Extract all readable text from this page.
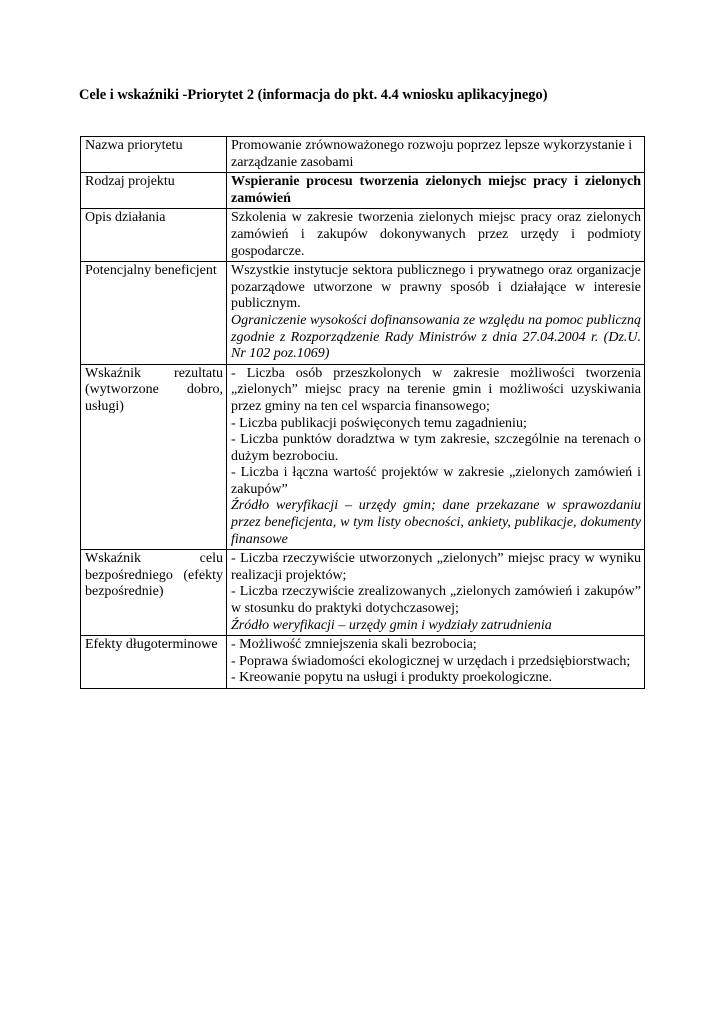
Cele i wskaźniki -Priorytet 2 (informacja do pkt. 4.4 wniosku aplikacyjnego)
Nazwa priorytetu	Promowanie zrównoważonego rozwoju poprzez lepsze wykorzystanie i zarządzanie zasobami
Rodzaj projektu	Wspieranie procesu tworzenia zielonych miejsc pracy i zielonych zamówień
Opis działania	Szkolenia w zakresie tworzenia zielonych miejsc pracy oraz zielonych zamówień i zakupów dokonywanych przez urzędy i podmioty gospodarcze.
Potencjalny beneficjent	Wszystkie instytucje sektora publicznego i prywatnego oraz organizacje pozarządowe utworzone w prawny sposób i działające w interesie publicznym.
Ograniczenie wysokości dofinansowania ze względu na pomoc publiczną zgodnie z Rozporządzenie Rady Ministrów z dnia 27.04.2004 r. (Dz.U. Nr 102 poz.1069)

Wskaźnik rezultatu (wytworzone dobro, usługi)	- Liczba osób przeszkolonych w zakresie możliwości tworzenia „zielonych” miejsc pracy na terenie gmin i możliwości uzyskiwania przez gminy na ten cel wsparcia finansowego;
- Liczba publikacji poświęconych temu zagadnieniu;
- Liczba punktów doradztwa w tym zakresie, szczególnie na terenach o dużym bezrobociu.
- Liczba i łączna wartość projektów w zakresie „zielonych zamówień i zakupów”
Źródło weryfikacji – urzędy gmin; dane przekazane w sprawozdaniu przez beneficjenta, w tym listy obecności, ankiety, publikacje, dokumenty finansowe

Wskaźnik celu bezpośredniego (efekty bezpośrednie)	- Liczba rzeczywiście utworzonych „zielonych” miejsc pracy w wyniku realizacji projektów;
- Liczba rzeczywiście zrealizowanych „zielonych zamówień i zakupów” w stosunku do praktyki dotychczasowej;
Źródło weryfikacji – urzędy gmin i wydziały zatrudnienia

Efekty długoterminowe	- Możliwość zmniejszenia skali bezrobocia;
- Poprawa świadomości ekologicznej w urzędach i przedsiębiorstwach;
- Kreowanie popytu na usługi i produkty proekologiczne.
